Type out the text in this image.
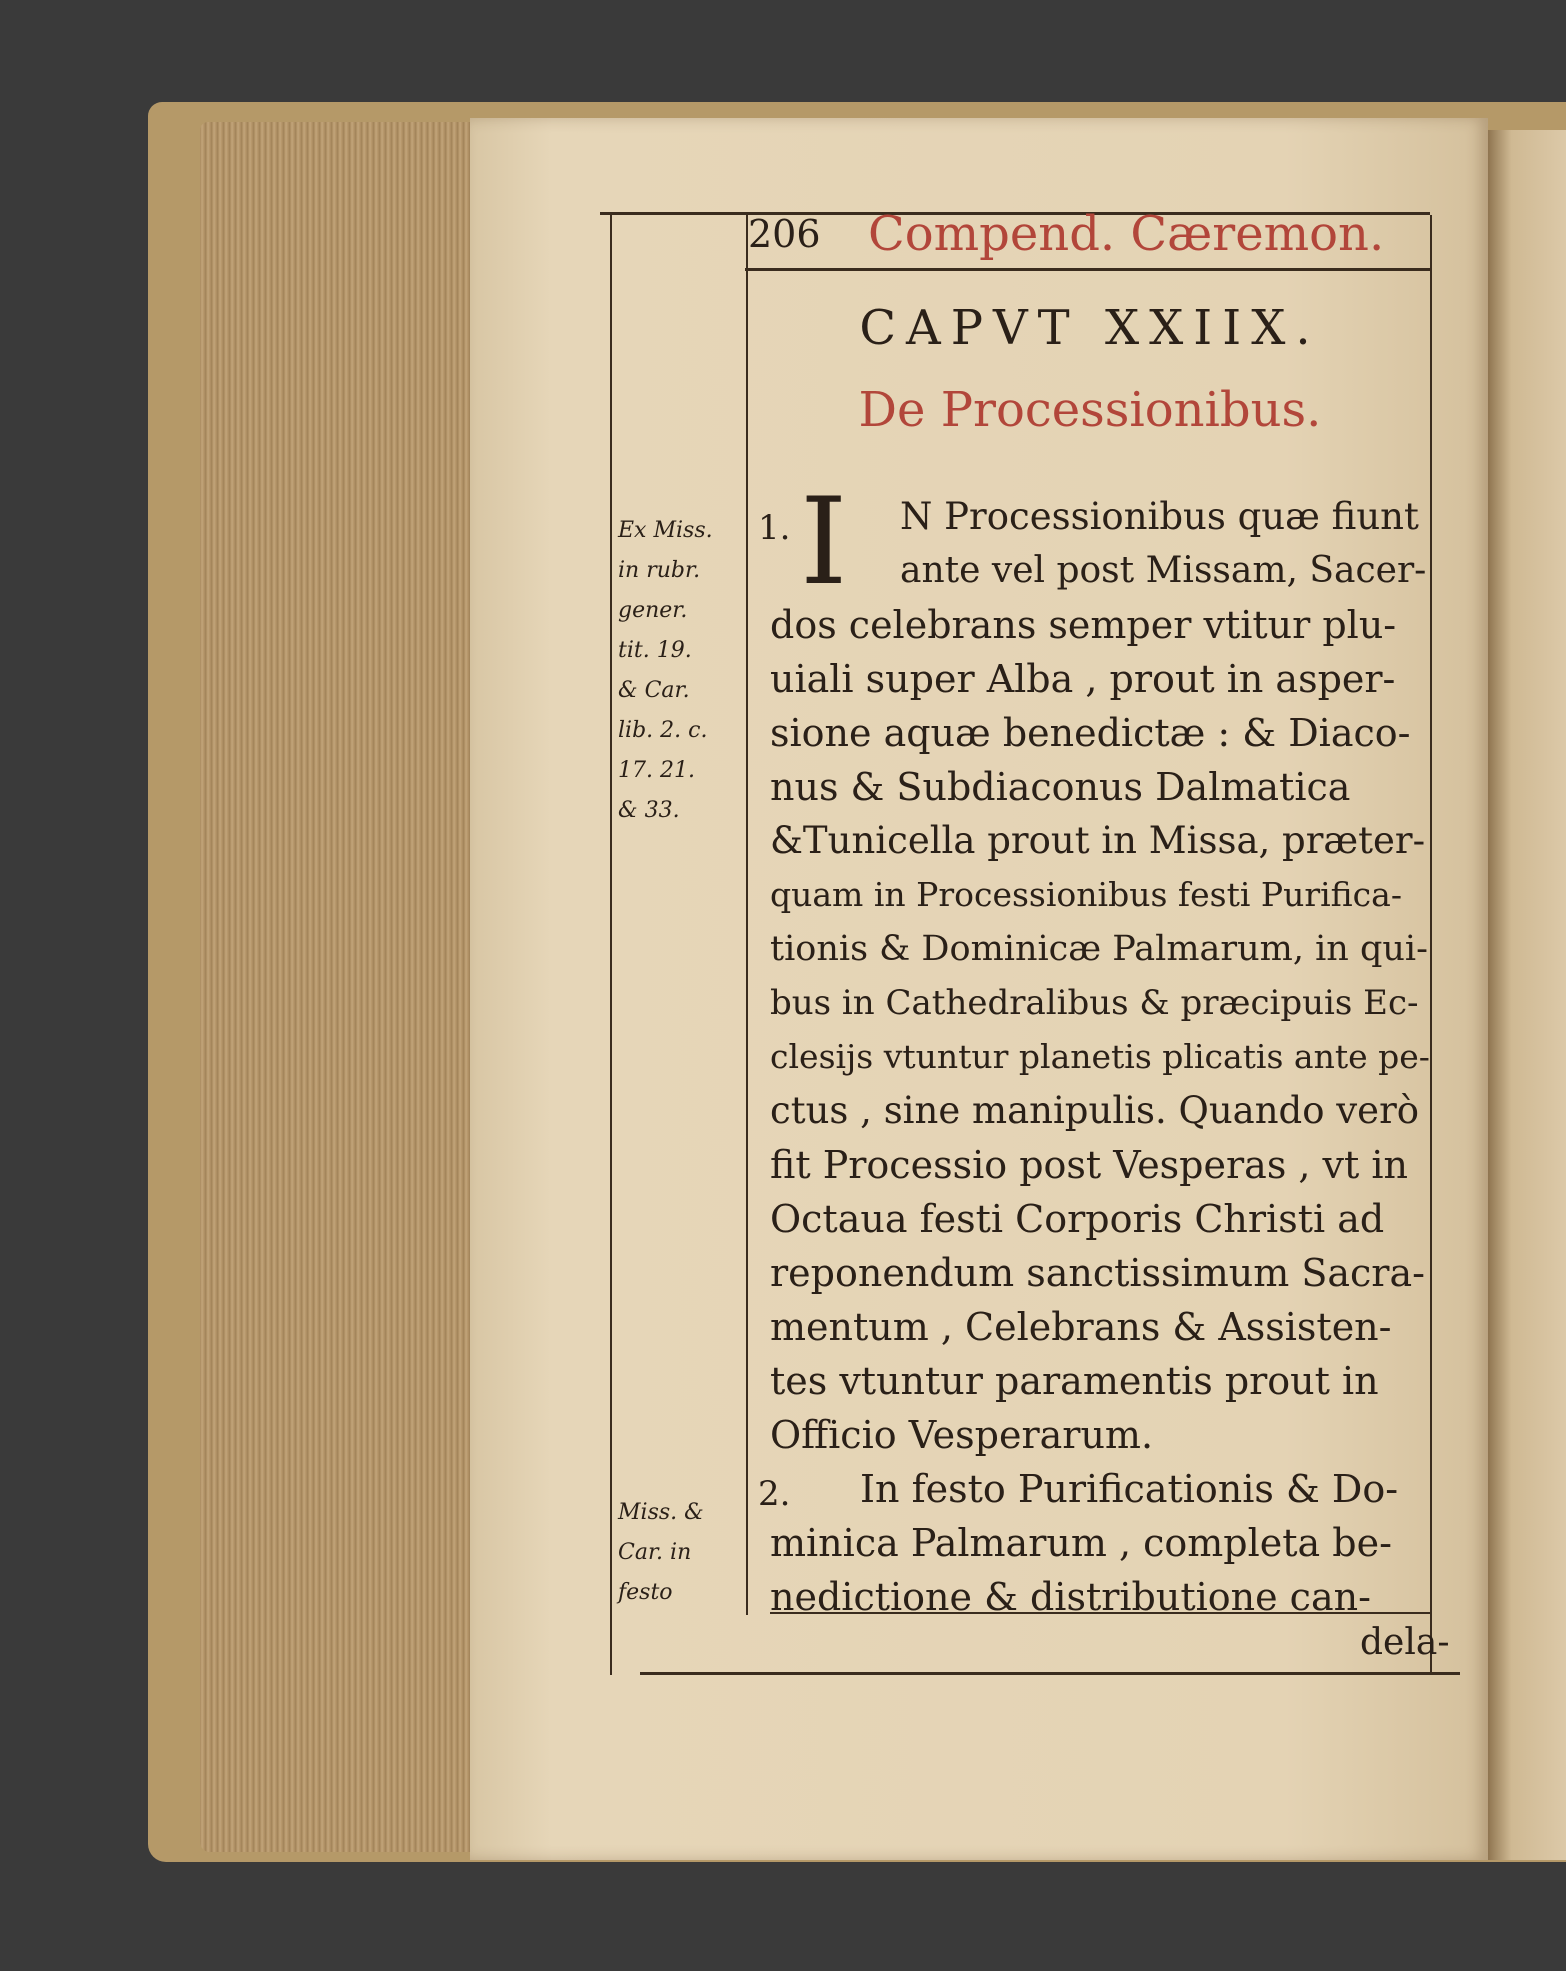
206 Compend. Cæremon.
CAPVT XXIIX.
De Processionibus.
Ex Miss.
in rubr.
gener.
tit. 19.
& Car.
lib. 2. c.
17. 21.
& 33.
Miss. &
Car. in
festo
1. I N Processionibus quæ fiunt
ante vel post Missam, Sacer-
dos celebrans semper vtitur plu-
uiali super Alba , prout in asper-
sione aquæ benedictæ : & Diaco-
nus & Subdiaconus Dalmatica
&Tunicella prout in Missa, præter-
quam in Processionibus festi Purifica-
tionis & Dominicæ Palmarum, in qui-
bus in Cathedralibus & præcipuis Ec-
clesijs vtuntur planetis plicatis ante pe-
ctus , sine manipulis. Quando verò
fit Processio post Vesperas , vt in
Octaua festi Corporis Christi ad
reponendum sanctissimum Sacra-
mentum , Celebrans & Assisten-
tes vtuntur paramentis prout in
Officio Vesperarum.
2. In festo Purificationis & Do-
minica Palmarum , completa be-
nedictione & distributione can-
dela-
